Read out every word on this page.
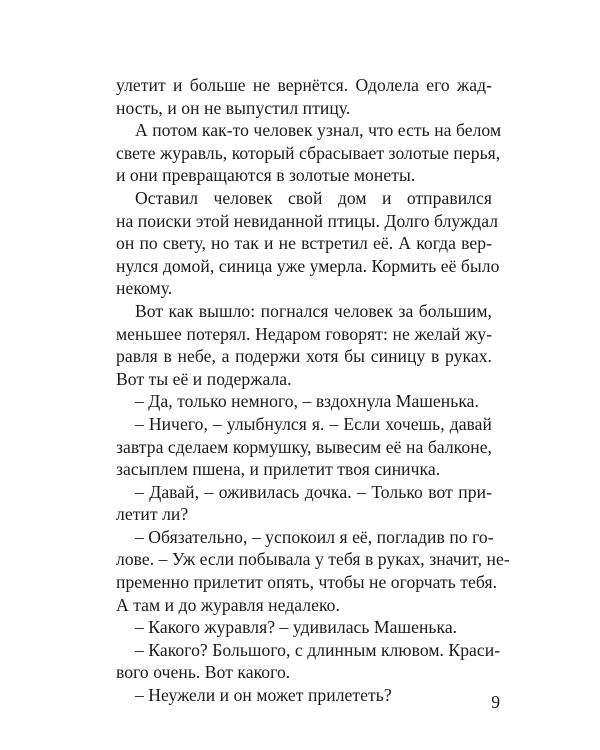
улетит и больше не вернётся. Одолела его жад-
ность, и он не выпустил птицу.
А потом как-то человек узнал, что есть на белом
свете журавль, который сбрасывает золотые перья,
и они превращаются в золотые монеты.
Оставил человек свой дом и отправился
на поиски этой невиданной птицы. Долго блуждал
он по свету, но так и не встретил её. А когда вер-
нулся домой, синица уже умерла. Кормить её было
некому.
Вот как вышло: погнался человек за большим,
меньшее потерял. Недаром говорят: не желай жу-
равля в небе, а подержи хотя бы синицу в руках.
Вот ты её и подержала.
– Да, только немного, – вздохнула Машенька.
– Ничего, – улыбнулся я. – Если хочешь, давай
завтра сделаем кормушку, вывесим её на балконе,
засыплем пшена, и прилетит твоя синичка.
– Давай, – оживилась дочка. – Только вот при-
летит ли?
– Обязательно, – успокоил я её, погладив по го-
лове. – Уж если побывала у тебя в руках, значит, не-
пременно прилетит опять, чтобы не огорчать тебя.
А там и до журавля недалеко.
– Какого журавля? – удивилась Машенька.
– Какого? Большого, с длинным клювом. Краси-
вого очень. Вот какого.
– Неужели и он может прилететь?	9
